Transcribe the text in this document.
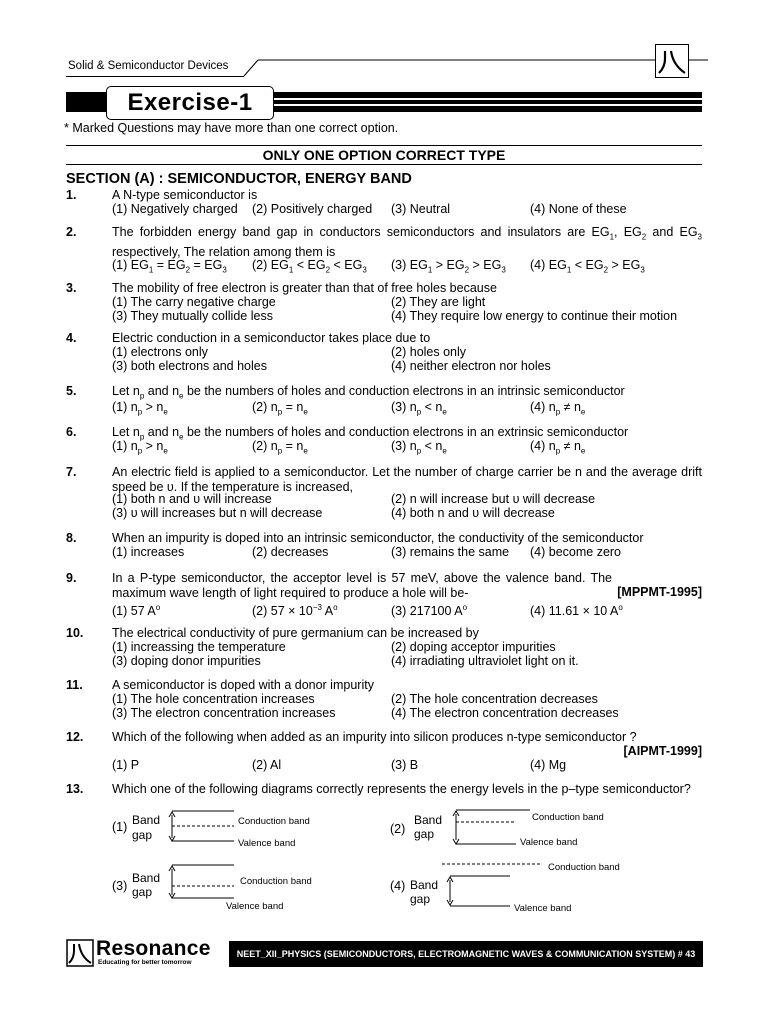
Solid & Semiconductor Devices
Exercise-1
* Marked Questions may have more than one correct option.
ONLY ONE OPTION CORRECT TYPE
SECTION (A) : SEMICONDUCTOR, ENERGY BAND
1.	A N-type semiconductor is
(1) Negatively charged (2) Positively charged (3) Neutral	(4) None of these
2.	The forbidden energy band gap in conductors semiconductors and insulators are $EG_1$, $EG_2$ and $EG_3$ respectively, The relation among them is
(1) $EG_1 = EG_2 = EG_3$ (2) $EG_1 < EG_2 < EG_3$ (3) $EG_1 > EG_2 > EG_3$ (4) $EG_1 < EG_2 > EG_3$
3.	The mobility of free electron is greater than that of free holes because
(1) The carry negative charge	(2) They are light
(3) They mutually collide less	(4) They require low energy to continue their motion
4.	Electric conduction in a semiconductor takes place due to
(1) electrons only	(2) holes only
(3) both electrons and holes	(4) neither electron nor holes
5.	Let $n_p$ and $n_e$ be the numbers of holes and conduction electrons in an intrinsic semiconductor
(1) $n_p > n_e$	(2) $n_p = n_e$	(3) $n_p < n_e$	(4) $n_p \ne n_e$
6.	Let $n_p$ and $n_e$ be the numbers of holes and conduction electrons in an extrinsic semiconductor
(1) $n_p > n_e$	(2) $n_p = n_e$	(3) $n_p < n_e$	(4) $n_p \ne n_e$
7.	An electric field is applied to a semiconductor. Let the number of charge carrier be n and the average drift speed be υ. If the temperature is increased,
(1) both n and υ will increase	(2) n will increase but υ will decrease
(3) υ will increases but n will decrease	(4) both n and υ will decrease
8.	When an impurity is doped into an intrinsic semiconductor, the conductivity of the semiconductor
(1) increases	(2) decreases	(3) remains the same (4) become zero
9.	In a P-type semiconductor, the acceptor level is 57 meV, above the valence band. The maximum wave length of light required to produce a hole will be-	[MPPMT-1995]
(1) 57 $A^o$	(2) $57 \times 10^{-3}$ $A^o$	(3) 217100 $A^o$	(4) 11.61 × 10 $A^o$
10.	The electrical conductivity of pure germanium can be increased by
(1) increassing the temperature	(2) doping acceptor impurities
(3) doping donor impurities	(4) irradiating ultraviolet light on it.
11.	A semiconductor is doped with a donor impurity
(1) The hole concentration increases	(2) The hole concentration decreases
(3) The electron concentration increases	(4) The electron concentration decreases
12.	Which of the following when added as an impurity into silicon produces n-type semiconductor ?
[AIPMT-1999]
(1) P	(2) Al	(3) B	(4) Mg
13.	Which one of the following diagrams correctly represents the energy levels in the p–type semiconductor?
(1) Band
gap
Conduction band
Valence band
(2)
Band
gap
Conduction band
Valence band
(3)
Band
gap
Conduction band
Valence band
(4) Band
gap
Conduction band
Valence band
Resonance
Educating for better tomorrow
NEET_XII_PHYSICS (SEMICONDUCTORS, ELECTROMAGNETIC WAVES & COMMUNICATION SYSTEM) # 43
